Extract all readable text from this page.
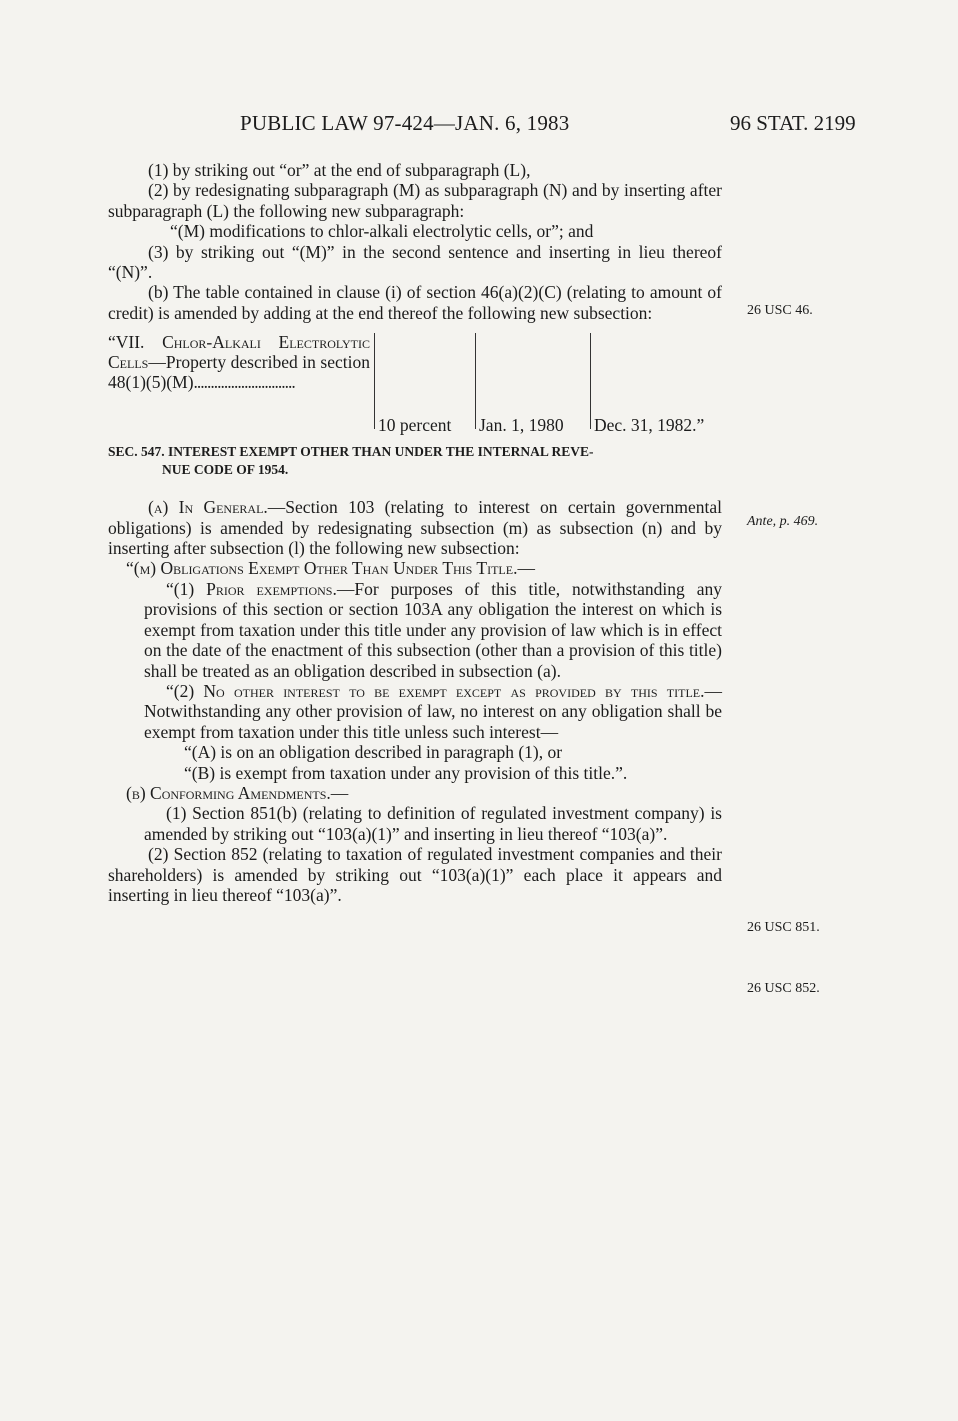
PUBLIC LAW 97-424—JAN. 6, 1983	96 STAT. 2199
26 USC 46.
Ante, p. 469.
26 USC 851.
26 USC 852.

(1) by striking out “or” at the end of subparagraph (L),

(2) by redesignating subparagraph (M) as subparagraph (N) and by inserting after subparagraph (L) the following new subparagraph:

“(M) modifications to chlor-alkali electrolytic cells, or”; and

(3) by striking out “(M)” in the second sentence and inserting in lieu thereof “(N)”.

(b) The table contained in clause (i) of section 46(a)(2)(C) (relating to amount of credit) is amended by adding at the end thereof the following new subsection:

“VII. Chlor-Alkali Electrolytic Cells—Property described in section 48(1)(5)(M)..............................
10 percent Jan. 1, 1980 Dec. 31, 1982.”

SEC. 547. INTEREST EXEMPT OTHER THAN UNDER THE INTERNAL REVE-
NUE CODE OF 1954.

(a) In General.—Section 103 (relating to interest on certain governmental obligations) is amended by redesignating subsection (m) as subsection (n) and by inserting after subsection (l) the following new subsection:

“(m) Obligations Exempt Other Than Under This Title.—

“(1) Prior exemptions.—For purposes of this title, notwithstanding any provisions of this section or section 103A any obligation the interest on which is exempt from taxation under this title under any provision of law which is in effect on the date of the enactment of this subsection (other than a provision of this title) shall be treated as an obligation described in subsection (a).

“(2) No other interest to be exempt except as provided by this title.—Notwithstanding any other provision of law, no interest on any obligation shall be exempt from taxation under this title unless such interest—

“(A) is on an obligation described in paragraph (1), or

“(B) is exempt from taxation under any provision of this title.”.

(b) Conforming Amendments.—

(1) Section 851(b) (relating to definition of regulated investment company) is amended by striking out “103(a)(1)” and inserting in lieu thereof “103(a)”.

(2) Section 852 (relating to taxation of regulated investment companies and their shareholders) is amended by striking out “103(a)(1)” each place it appears and inserting in lieu thereof “103(a)”.
